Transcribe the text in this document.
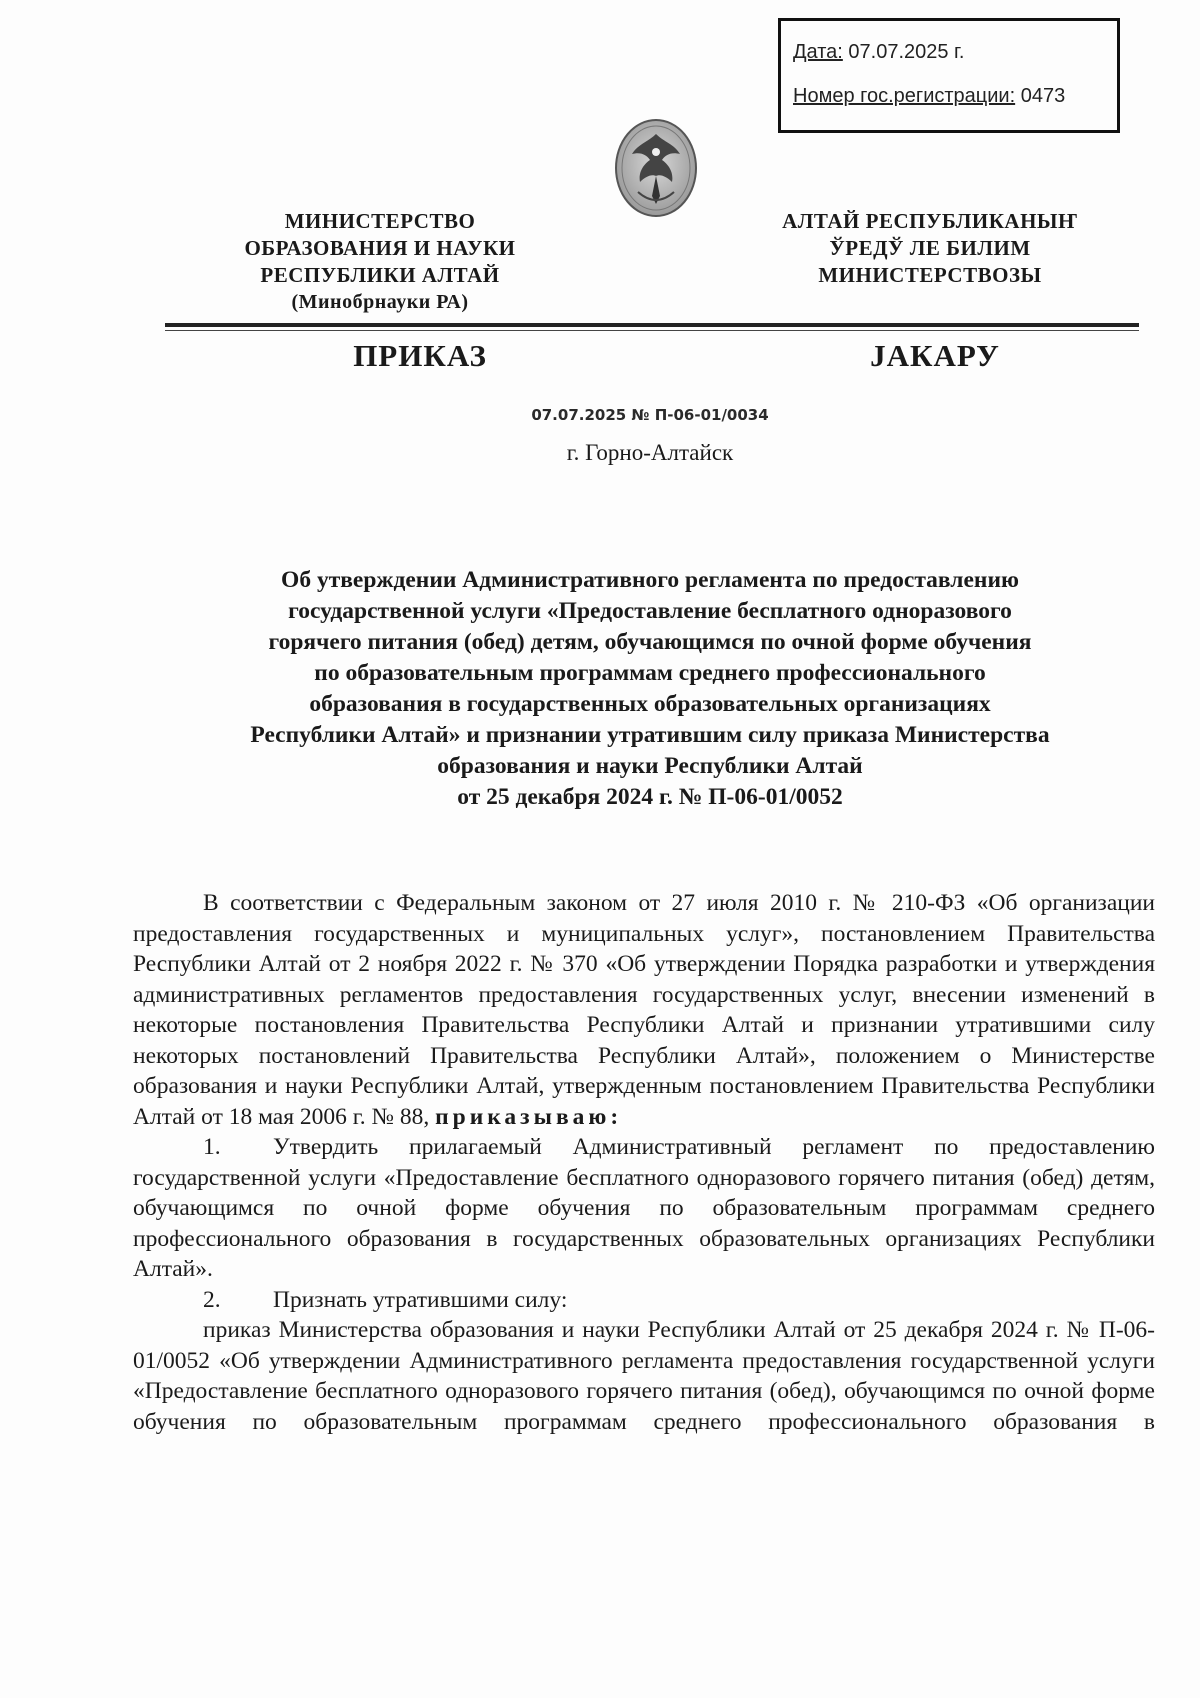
Дата: 07.07.2025 г.
Номер гос.регистрации: 0473
МИНИСТЕРСТВО
ОБРАЗОВАНИЯ И НАУКИ
РЕСПУБЛИКИ АЛТАЙ
(Минобрнауки РА)
АЛТАЙ РЕСПУБЛИКАНЫҤ
ЎРЕДЎ ЛЕ БИЛИМ
МИНИСТЕРСТВОЗЫ
ПРИКАЗ	JАКАРУ
07.07.2025 № П-06-01/0034
г. Горно-Алтайск
Об утверждении Административного регламента по предоставлению
государственной услуги «Предоставление бесплатного одноразового
горячего питания (обед) детям, обучающимся по очной форме обучения
по образовательным программам среднего профессионального
образования в государственных образовательных организациях
Республики Алтай» и признании утратившим силу приказа Министерства
образования и науки Республики Алтай
от 25 декабря 2024 г. № П-06-01/0052

В соответствии с Федеральным законом от 27 июля 2010 г. № 210-ФЗ «Об организации предоставления государственных и муниципальных услуг», постановлением Правительства Республики Алтай от 2 ноября 2022 г. № 370 «Об утверждении Порядка разработки и утверждения административных регламентов предоставления государственных услуг, внесении изменений в некоторые постановления Правительства Республики Алтай и признании утратившими силу некоторых постановлений Правительства Республики Алтай», положением о Министерстве образования и науки Республики Алтай, утвержденным постановлением Правительства Республики Алтай от 18 мая 2006 г. № 88, приказываю:

1. Утвердить прилагаемый Административный регламент по предоставлению государственной услуги «Предоставление бесплатного одноразового горячего питания (обед) детям, обучающимся по очной форме обучения по образовательным программам среднего профессионального образования в государственных образовательных организациях Республики Алтай».

2. Признать утратившими силу:

приказ Министерства образования и науки Республики Алтай от 25 декабря 2024 г. № П-06-01/0052 «Об утверждении Административного регламента предоставления государственной услуги «Предоставление бесплатного одноразового горячего питания (обед), обучающимся по очной форме обучения по образовательным программам среднего профессионального образования в
